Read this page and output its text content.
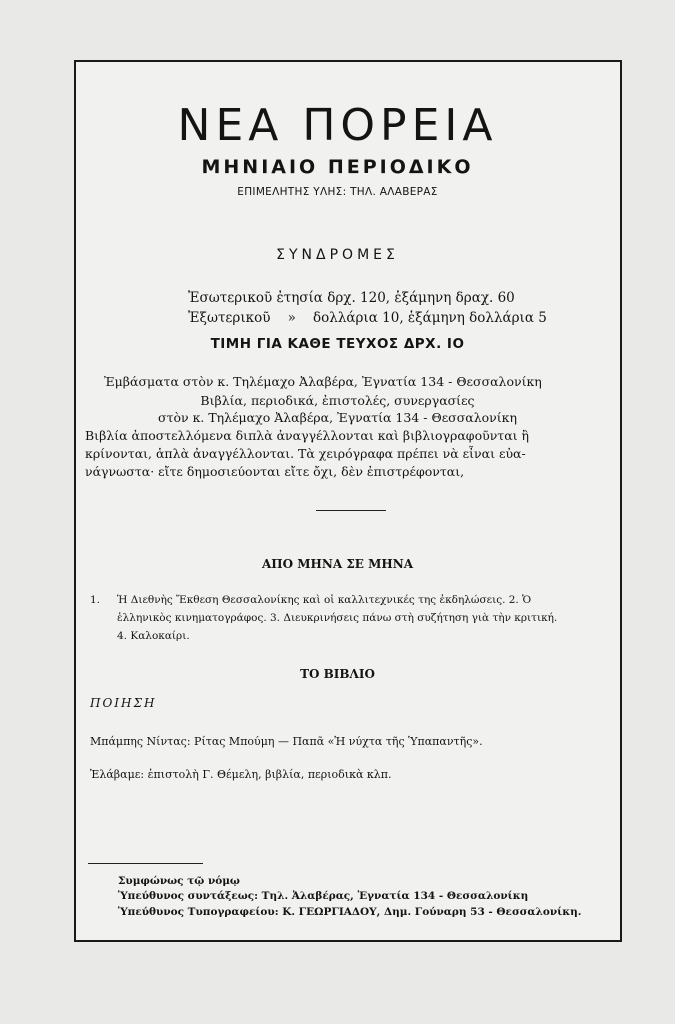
ΝΕΑ ΠΟΡΕΙΑ
ΜΗΝΙΑΙΟ ΠΕΡΙΟΔΙΚΟ
ΕΠΙΜΕΛΗΤΗΣ ΥΛΗΣ: ΤΗΛ. ΑΛΑΒΕΡΑΣ
ΣΥΝΔΡΟΜΕΣ
Ἐσωτερικοῦ ἐτησία δρχ. 120, ἑξάμηνη δραχ. 60
Ἐξωτερικοῦ    »    δολλάρια 10, ἑξάμηνη δολλάρια 5
ΤΙΜΗ ΓΙΑ ΚΑΘΕ ΤΕΥΧΟΣ ΔΡΧ. ΙΟ
Ἐμβάσματα στὸν κ. Τηλέμαχο Ἀλαβέρα, Ἐγνατία 134 - Θεσσαλονίκη
Βιβλία, περιοδικά, ἐπιστολές, συνεργασίες
στὸν κ. Τηλέμαχο Ἀλαβέρα, Ἐγνατία 134 - Θεσσαλονίκη
Βιβλία ἀποστελλόμενα διπλὰ ἀναγγέλλονται καὶ βιβλιογραφοῦνται ἢ
κρίνονται, ἁπλὰ ἀναγγέλλονται. Τὰ χειρόγραφα πρέπει νὰ εἶναι εὐα-
νάγνωστα· εἴτε δημοσιεύονται εἴτε ὄχι, δὲν ἐπιστρέφονται,
ΑΠΟ ΜΗΝΑ ΣΕ ΜΗΝΑ
1. Ἡ Διεθνὴς Ἔκθεση Θεσσαλονίκης καὶ οἱ καλλιτεχνικές της ἐκδηλώσεις. 2. Ὁ
ἑλληνικὸς κινηματογράφος. 3. Διευκρινήσεις πάνω στὴ συζήτηση γιὰ τὴν κριτική.
4. Καλοκαίρι.
ΤΟ ΒΙΒΛΙΟ
ΠΟΙΗΣΗ
Μπάμπης Νίντας: Ρίτας Μπούμη — Παπᾶ «Ἡ νύχτα τῆς Ὑπαπαντῆς».
Ἐλάβαμε: ἐπιστολὴ Γ. Θέμελη, βιβλία, περιοδικὰ κλπ.
Συμφώνως τῷ νόμῳ
Ὑπεύθυνος συντάξεως: Τηλ. Ἀλαβέρας, Ἐγνατία 134 - Θεσσαλονίκη
Ὑπεύθυνος Τυπογραφείου: Κ. ΓΕΩΡΓΙΑΔΟΥ, Δημ. Γούναρη 53 - Θεσσαλονίκη.
